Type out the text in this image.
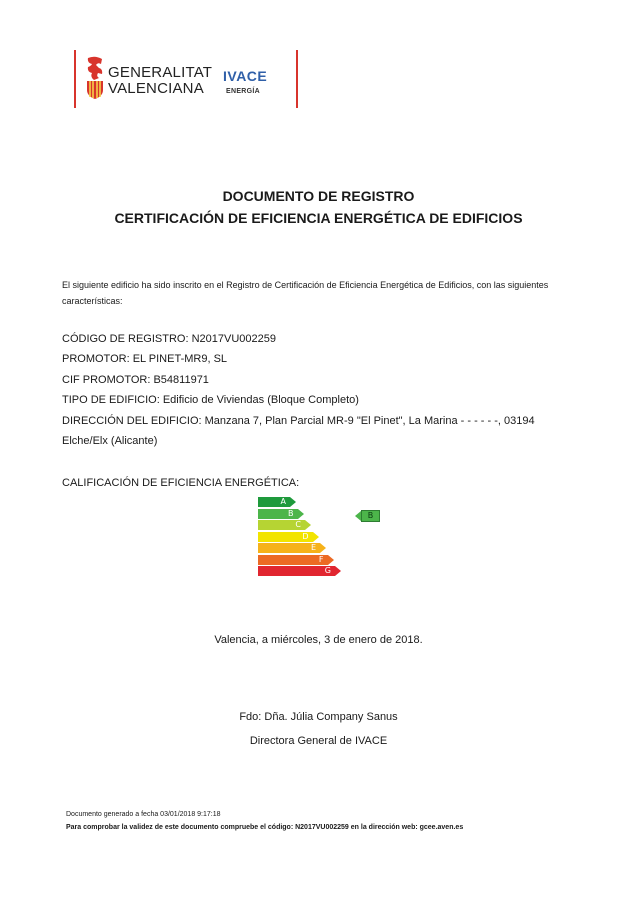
GENERALITAT
VALENCIANA
IVACE
ENERGÍA
DOCUMENTO DE REGISTRO
CERTIFICACIÓN DE EFICIENCIA ENERGÉTICA DE EDIFICIOS
El siguiente edificio ha sido inscrito en el Registro de Certificación de Eficiencia Energética de Edificios, con las siguientes características:
CÓDIGO DE REGISTRO: N2017VU002259
PROMOTOR: EL PINET-MR9, SL
CIF PROMOTOR: B54811971
TIPO DE EDIFICIO: Edificio de Viviendas (Bloque Completo)
DIRECCIÓN DEL EDIFICIO: Manzana 7, Plan Parcial MR-9 "El Pinet", La Marina - - - - - -, 03194
Elche/Elx (Alicante)
CALIFICACIÓN DE EFICIENCIA ENERGÉTICA:
A
B
C
D
E
F
G
B
Valencia, a miércoles, 3 de enero de 2018.
Fdo: Dña. Júlia Company Sanus
Directora General de IVACE
Documento generado a fecha 03/01/2018 9:17:18
Para comprobar la validez de este documento compruebe el código: N2017VU002259 en la dirección web: gcee.aven.es
